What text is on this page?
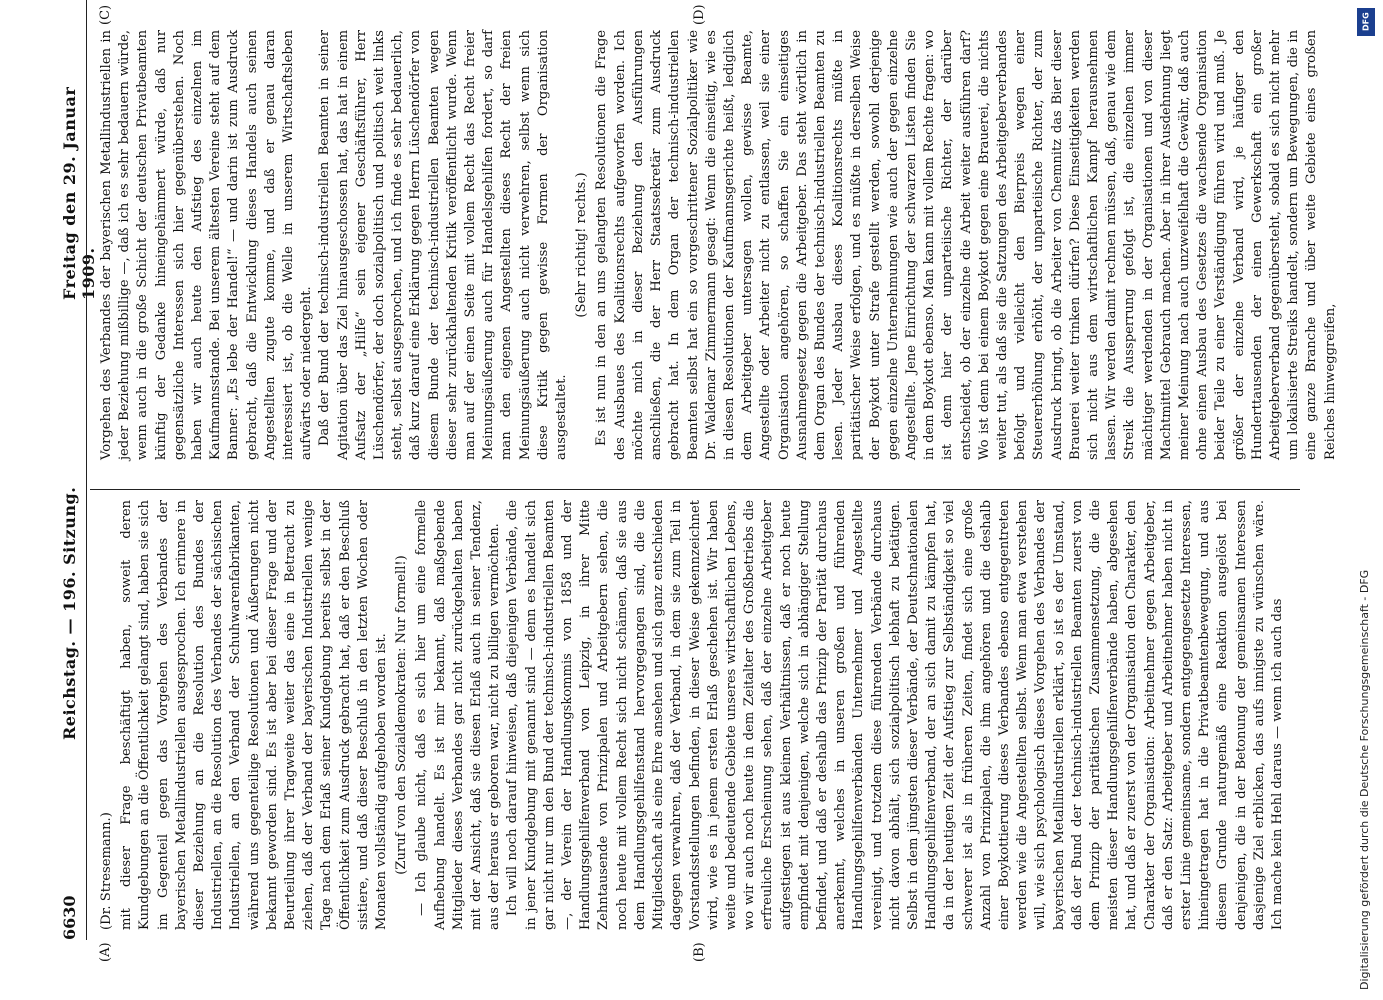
6630
Reichstag. — 196. Sitzung.
Freitag den 29. Januar 1909.
(A)	(B)
(C)	(D)
(Dr. Stresemann.) mit dieser Frage beschäftigt haben, soweit deren Kundgebungen an die Öffentlichkeit gelangt sind, haben sie sich im Gegenteil gegen das Vorgehen des Verbandes der bayerischen Metallindustriellen ausgesprochen. Ich erinnere in dieser Beziehung an die Resolution des Bundes der Industriellen, an die Resolution des Verbandes der sächsischen Industriellen, an den Verband der Schuhwarenfabrikanten, während uns gegenteilige Resolutionen und Äußerungen nicht bekannt geworden sind. Es ist aber bei dieser Frage und der Beurteilung ihrer Tragweite weiter das eine in Betracht zu ziehen, daß der Verband der bayerischen Industriellen wenige Tage nach dem Erlaß seiner Kundgebung bereits selbst in der Öffentlichkeit zum Ausdruck gebracht hat, daß er den Beschluß sistiere, und daß dieser Beschluß in den letzten Wochen oder Monaten vollständig aufgehoben worden ist. (Zuruf von den Sozialdemokraten: Nur formell!) — Ich glaube nicht, daß es sich hier um eine formelle Aufhebung handelt. Es ist mir bekannt, daß maßgebende Mitglieder dieses Verbandes gar nicht zurückgehalten haben mit der Ansicht, daß sie diesen Erlaß auch in seiner Tendenz, aus der heraus er geboren war, nicht zu billigen vermöchten. Ich will noch darauf hinweisen, daß diejenigen Verbände, die in jener Kundgebung mit genannt sind — denn es handelt sich gar nicht nur um den Bund der technisch-industriellen Beamten —, der Verein der Handlungskommis von 1858 und der Handlungsgehilfenverband von Leipzig, in ihrer Mitte Zehntausende von Prinzipalen und Arbeitgebern sehen, die noch heute mit vollem Recht sich nicht schämen, daß sie aus dem Handlungsgehilfenstand hervorgegangen sind, die die Mitgliedschaft als eine Ehre ansehen und sich ganz entschieden dagegen verwahren, daß der Verband, in dem sie zum Teil in Vorstandsstellungen befinden, in dieser Weise gekennzeichnet wird, wie es in jenem ersten Erlaß geschehen ist. Wir haben weite und bedeutende Gebiete unseres wirtschaftlichen Lebens, wo wir auch noch heute in dem Zeitalter des Großbetriebs die erfreuliche Erscheinung sehen, daß der einzelne Arbeitgeber aufgestiegen ist aus kleinen Verhältnissen, daß er noch heute empfindet mit denjenigen, welche sich in abhängiger Stellung befindet, und daß er deshalb das Prinzip der Parität durchaus anerkennt, welches in unseren großen und führenden Handlungsgehilfenverbänden Unternehmer und Angestellte vereinigt, und trotzdem diese führenden Verbände durchaus nicht davon abhält, sich sozialpolitisch lebhaft zu betätigen. Selbst in dem jüngsten dieser Verbände, der Deutschnationalen Handlungsgehilfenverband, der an sich damit zu kämpfen hat, da in der heutigen Zeit der Aufstieg zur Selbständigkeit so viel schwerer ist als in früheren Zeiten, findet sich eine große Anzahl von Prinzipalen, die ihm angehören und die deshalb einer Boykottierung dieses Verbandes ebenso entgegentreten werden wie die Angestellten selbst. Wenn man etwa verstehen will, wie sich psychologisch dieses Vorgehen des Verbandes der bayerischen Metallindustriellen erklärt, so ist es der Umstand, daß der Bund der technisch-industriellen Beamten zuerst von dem Prinzip der paritätischen Zusammensetzung, die die meisten dieser Handlungsgehilfenverbände haben, abgesehen hat, und daß er zuerst von der Organisation den Charakter, den Charakter der Organisation: Arbeitnehmer gegen Arbeitgeber, daß er den Satz: Arbeitgeber und Arbeitnehmer haben nicht in erster Linie gemeinsame, sondern entgegengesetzte Interessen, hineingetragen hat in die Privatbeamtenbewegung, und aus diesem Grunde naturgemäß eine Reaktion ausgelöst bei denjenigen, die in der Betonung der gemeinsamen Interessen dasjenige Ziel erblicken, das aufs innigste zu wünschen wäre. Ich mache kein Hehl daraus — wenn ich auch das

Vorgehen des Verbandes der bayerischen Metallindustriellen in jeder Beziehung mißbillige —, daß ich es sehr bedauern würde, wenn auch in die große Schicht der deutschen Privatbeamten künftig der Gedanke hineingehämmert würde, daß nur gegensätzliche Interessen sich hier gegenüberstehen. Noch haben wir auch heute den Aufstieg des einzelnen im Kaufmannsstande. Bei unserem ältesten Vereine steht auf dem Banner: „Es lebe der Handel!“ — und darin ist zum Ausdruck gebracht, daß die Entwicklung dieses Handels auch seinen Angestellten zugute komme, und daß er genau daran interessiert ist, ob die Welle in unserem Wirtschaftsleben aufwärts oder niedergeht. Daß der Bund der technisch-industriellen Beamten in seiner Agitation über das Ziel hinausgeschossen hat, das hat in einem Aufsatz der „Hilfe“ sein eigener Geschäftsführer, Herr Lüschendörfer, der doch sozialpolitisch und politisch weit links steht, selbst ausgesprochen, und ich finde es sehr bedauerlich, daß kurz darauf eine Erklärung gegen Herrn Lüschendörfer von diesem Bunde der technisch-industriellen Beamten wegen dieser sehr zurückhaltenden Kritik veröffentlicht wurde. Wenn man auf der einen Seite mit vollem Recht das Recht freier Meinungsäußerung auch für Handelsgehilfen fordert, so darf man den eigenen Angestellten dieses Recht der freien Meinungsäußerung auch nicht verwehren, selbst wenn sich diese Kritik gegen gewisse Formen der Organisation ausgestaltet.

(Sehr richtig! rechts.) Es ist nun in den an uns gelangten Resolutionen die Frage des Ausbaues des Koalitionsrechts aufgeworfen worden. Ich möchte mich in dieser Beziehung den Ausführungen anschließen, die der Herr Staatssekretär zum Ausdruck gebracht hat. In dem Organ der technisch-industriellen Beamten selbst hat ein so vorgeschrittener Sozialpolitiker wie Dr. Waldemar Zimmermann gesagt: Wenn die einseitig, wie es in diesen Resolutionen der Kaufmannsgerichte heißt, lediglich dem Arbeitgeber untersagen wollen, gewisse Beamte, Angestellte oder Arbeiter nicht zu entlassen, weil sie einer Organisation angehören, so schaffen Sie ein einseitiges Ausnahmegesetz gegen die Arbeitgeber. Das steht wörtlich in dem Organ des Bundes der technisch-industriellen Beamten zu lesen. Jeder Ausbau dieses Koalitionsrechts müßte in paritätischer Weise erfolgen, und es müßte in derselben Weise der Boykott unter Strafe gestellt werden, sowohl derjenige gegen einzelne Unternehmungen wie auch der gegen einzelne Angestellte. Jene Einrichtung der schwarzen Listen finden Sie in dem Boykott ebenso. Man kann mit vollem Rechte fragen: wo ist denn hier der unparteiische Richter, der darüber entscheidet, ob der einzelne die Arbeit weiter ausführen darf? Wo ist denn bei einem Boykott gegen eine Brauerei, die nichts weiter tut, als daß sie die Satzungen des Arbeitgeberverbandes befolgt und vielleicht den Bierpreis wegen einer Steuererhöhung erhöht, der unparteiische Richter, der zum Ausdruck bringt, ob die Arbeiter von Chemnitz das Bier dieser Brauerei weiter trinken dürfen? Diese Einseitigkeiten werden sich nicht aus dem wirtschaftlichen Kampf herausnehmen lassen. Wir werden damit rechnen müssen, daß, genau wie dem Streik die Aussperrung gefolgt ist, die einzelnen immer mächtiger werdenden in der Organisationen und von dieser Machtmittel Gebrauch machen. Aber in ihrer Ausdehnung liegt meiner Meinung nach auch unzweifelhaft die Gewähr, daß auch ohne einen Ausbau des Gesetzes die wachsende Organisation beider Teile zu einer Verständigung führen wird und muß. Je größer der einzelne Verband wird, je häufiger den Hunderttausenden der einen Gewerkschaft ein großer Arbeitgeberverband gegenübersteht, sobald es sich nicht mehr um lokalisierte Streiks handelt, sondern um Bewegungen, die in eine ganze Branche und über weite Gebiete eines großen Reiches hinweggreifen,

DFG
Digitalisierung gefördert durch die Deutsche Forschungsgemeinschaft - DFG
